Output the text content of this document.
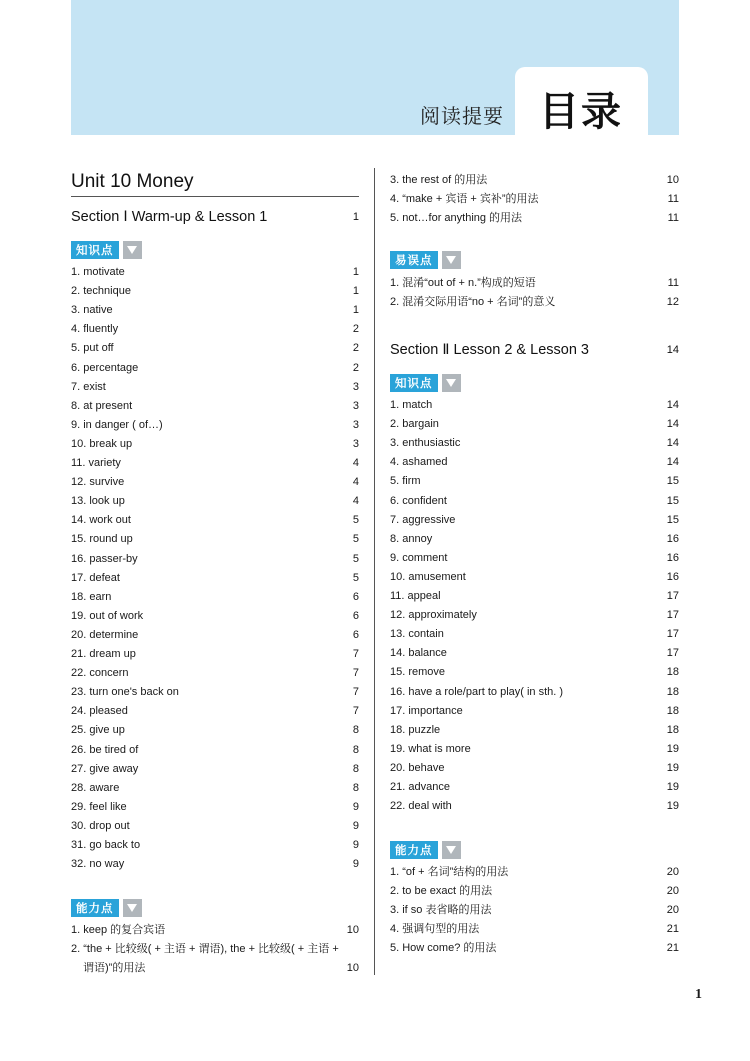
阅读提要 目录
Unit 10 Money
Section Ⅰ Warm-up & Lesson 1	1
知识点
1. motivate	1
2. technique	1
3. native	1
4. fluently	2
5. put off	2
6. percentage	2
7. exist	3
8. at present	3
9. in danger ( of…)	3
10. break up	3
11. variety	4
12. survive	4
13. look up	4
14. work out	5
15. round up	5
16. passer-by	5
17. defeat	5
18. earn	6
19. out of work	6
20. determine	6
21. dream up	7
22. concern	7
23. turn one's back on	7
24. pleased	7
25. give up	8
26. be tired of	8
27. give away	8
28. aware	8
29. feel like	9
30. drop out	9
31. go back to	9
32. no way	9
能力点
1. keep 的复合宾语	10
2. “the + 比较级( + 主语 + 谓语), the + 比较级( + 主语 +
谓语)”的用法	10
3. the rest of 的用法	10
4. “make + 宾语 + 宾补”的用法	11
5. not…for anything 的用法	11
易误点
1. 混淆“out of + n.”构成的短语	11
2. 混淆交际用语“no + 名词”的意义	12
Section Ⅱ Lesson 2 & Lesson 3	14
知识点
1. match	14
2. bargain	14
3. enthusiastic	14
4. ashamed	14
5. firm	15
6. confident	15
7. aggressive	15
8. annoy	16
9. comment	16
10. amusement	16
11. appeal	17
12. approximately	17
13. contain	17
14. balance	17
15. remove	18
16. have a role/part to play( in sth. )	18
17. importance	18
18. puzzle	18
19. what is more	19
20. behave	19
21. advance	19
22. deal with	19
能力点
1. “of + 名词”结构的用法	20
2. to be exact 的用法	20
3. if so 表省略的用法	20
4. 强调句型的用法	21
5. How come? 的用法	21
1
